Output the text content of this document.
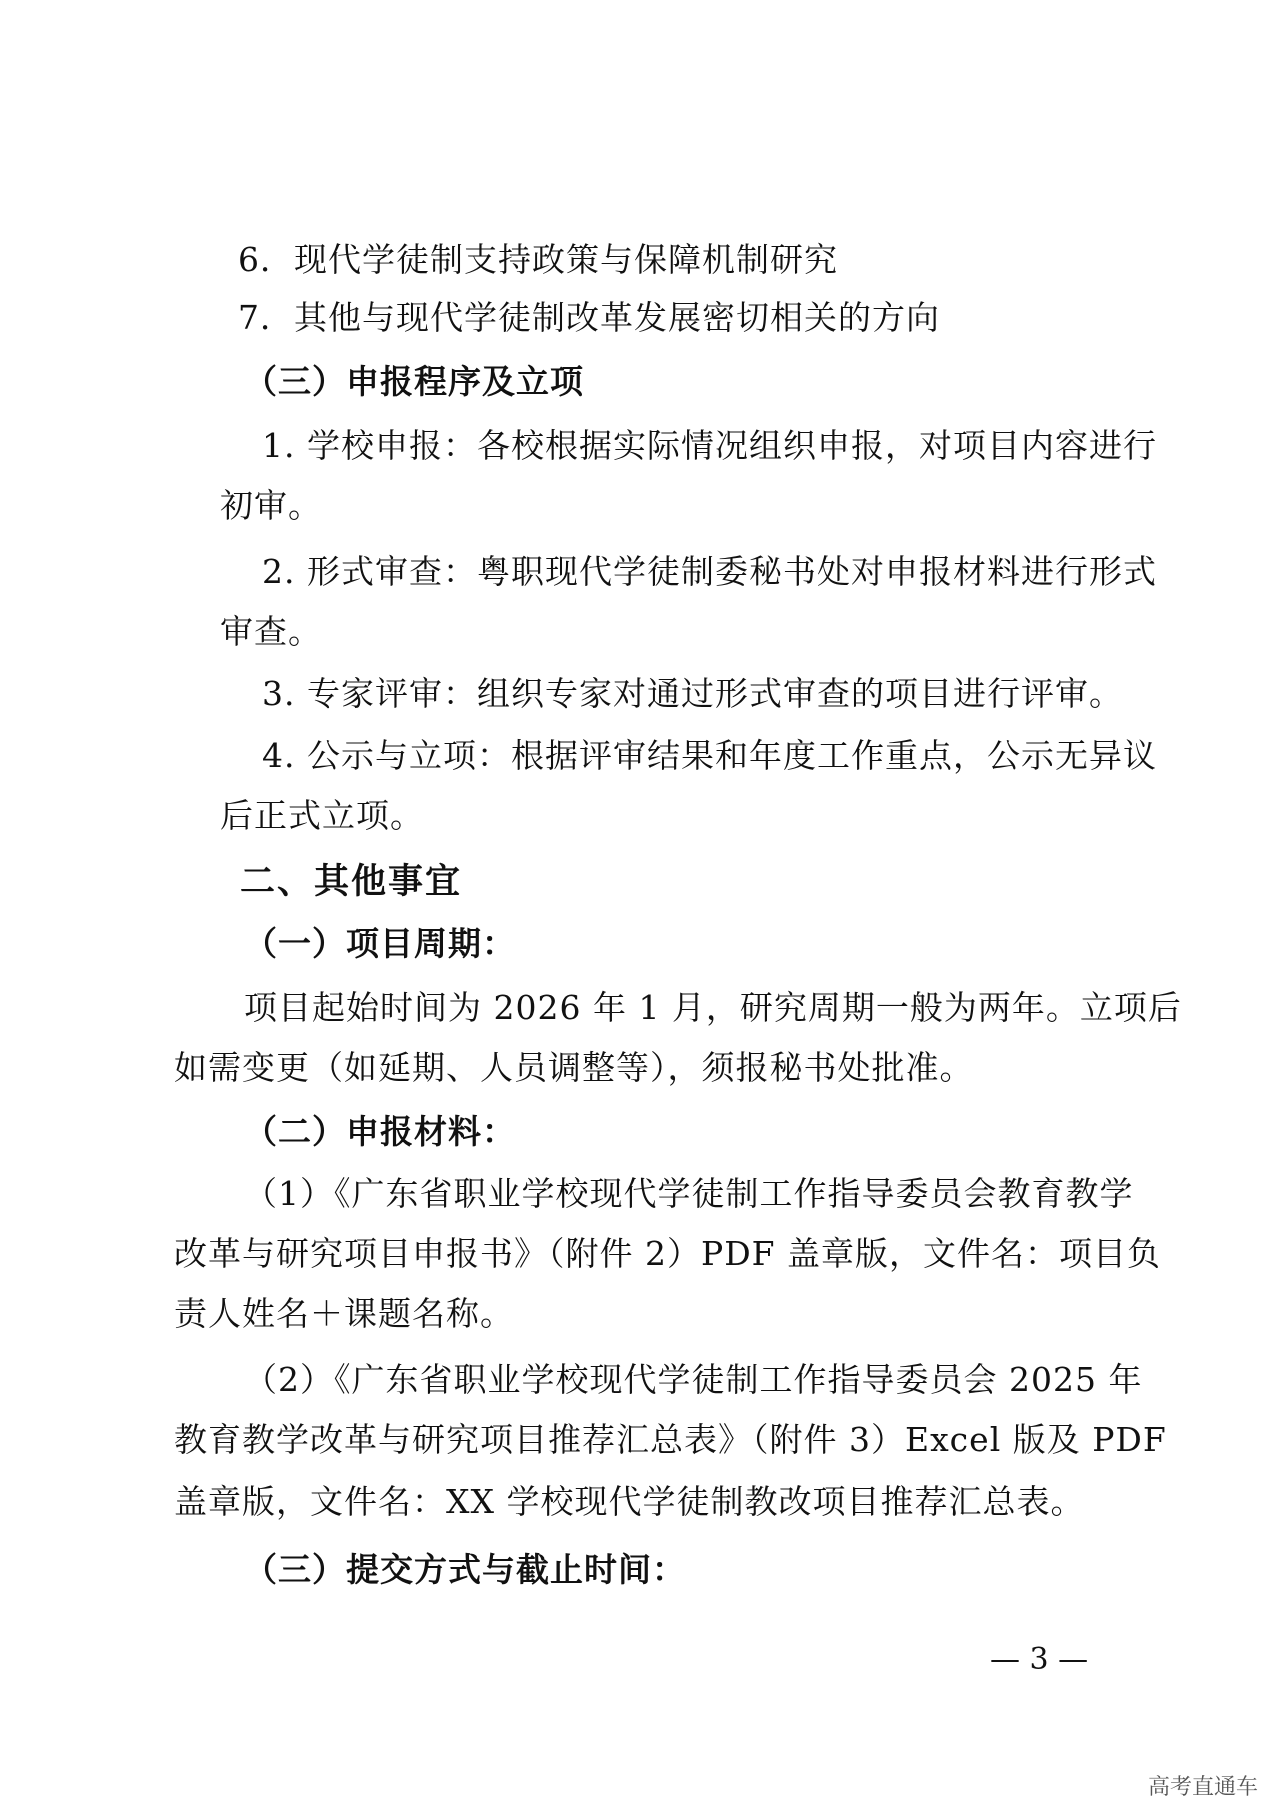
6．现代学徒制支持政策与保障机制研究

7．其他与现代学徒制改革发展密切相关的方向

（三）申报程序及立项

1. 学校申报：各校根据实际情况组织申报，对项目内容进行

初审。

2. 形式审查：粤职现代学徒制委秘书处对申报材料进行形式

审查。

3. 专家评审：组织专家对通过形式审查的项目进行评审。

4. 公示与立项：根据评审结果和年度工作重点，公示无异议

后正式立项。

二、其他事宜

（一）项目周期：

项目起始时间为 2026 年 1 月，研究周期一般为两年。立项后

如需变更（如延期、人员调整等），须报秘书处批准。

（二）申报材料：

（1）《广东省职业学校现代学徒制工作指导委员会教育教学

改革与研究项目申报书》（附件 2）PDF 盖章版，文件名：项目负

责人姓名＋课题名称。

（2）《广东省职业学校现代学徒制工作指导委员会 2025 年

教育教学改革与研究项目推荐汇总表》（附件 3）Excel 版及 PDF

盖章版，文件名：XX 学校现代学徒制教改项目推荐汇总表。

（三）提交方式与截止时间：

— 3 —
高考直通车
